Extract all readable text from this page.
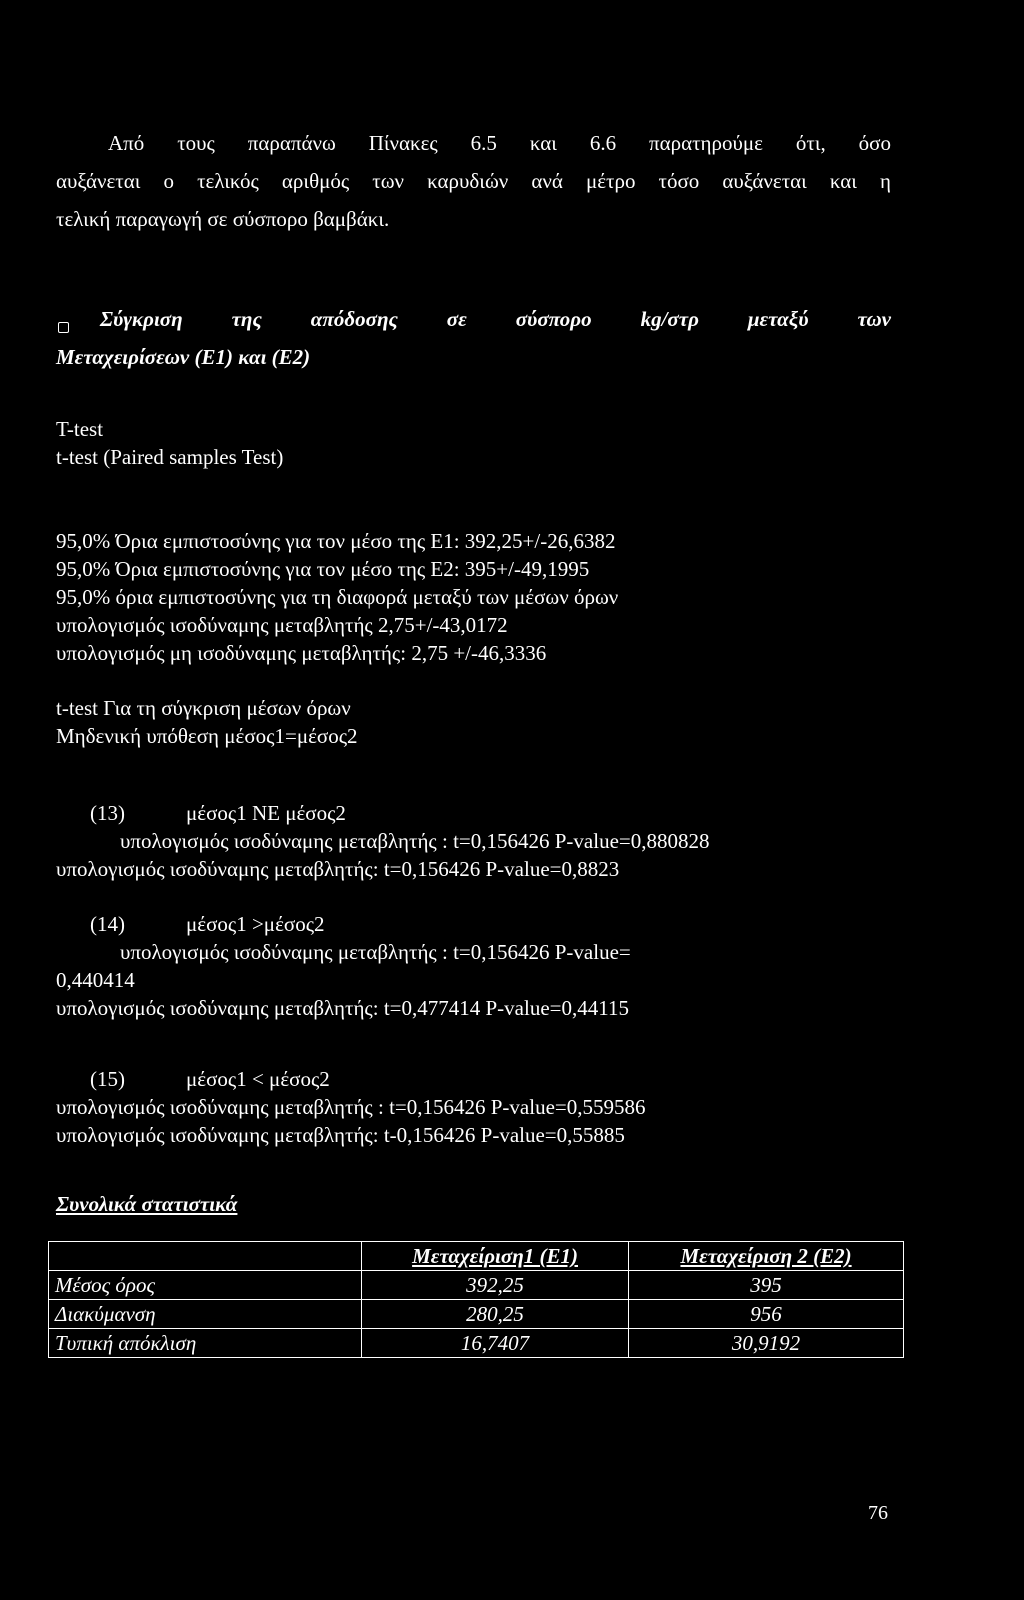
Από τους παραπάνω Πίνακες 6.5 και 6.6 παρατηρούμε ότι, όσο
αυξάνεται ο τελικός αριθμός των καρυδιών ανά μέτρο τόσο αυξάνεται και η
τελική παραγωγή σε σύσπορο βαμβάκι.
Σύγκριση της απόδοσης σε σύσπορο kg/στρ μεταξύ των
Μεταχειρίσεων (Ε1) και (Ε2)
T-test
t-test (Paired samples Test)
95,0% Όρια εμπιστοσύνης για τον μέσο της Ε1: 392,25+/-26,6382
95,0% Όρια εμπιστοσύνης για τον μέσο της Ε2: 395+/-49,1995
95,0% όρια εμπιστοσύνης για τη διαφορά μεταξύ των μέσων όρων
υπολογισμός ισοδύναμης μεταβλητής 2,75+/-43,0172
υπολογισμός μη ισοδύναμης μεταβλητής: 2,75 +/-46,3336
t-test Για τη σύγκριση μέσων όρων
Μηδενική υπόθεση μέσος1=μέσος2
(13)	μέσος1 ΝΕ μέσος2
υπολογισμός ισοδύναμης μεταβλητής : t=0,156426 P-value=0,880828
υπολογισμός ισοδύναμης μεταβλητής: t=0,156426 P-value=0,8823
(14)	μέσος1 >μέσος2
υπολογισμός ισοδύναμης μεταβλητής : t=0,156426 P-value=
0,440414
υπολογισμός ισοδύναμης μεταβλητής: t=0,477414 P-value=0,44115
(15)	μέσος1 < μέσος2
υπολογισμός ισοδύναμης μεταβλητής : t=0,156426 P-value=0,559586
υπολογισμός ισοδύναμης μεταβλητής: t-0,156426 P-value=0,55885
Συνολικά στατιστικά
	Μεταχείριση1 (Ε1)	Μεταχείριση 2 (Ε2)
Μέσος όρος	392,25	395
Διακύμανση	280,25	956
Τυπική απόκλιση	16,7407	30,9192
76
